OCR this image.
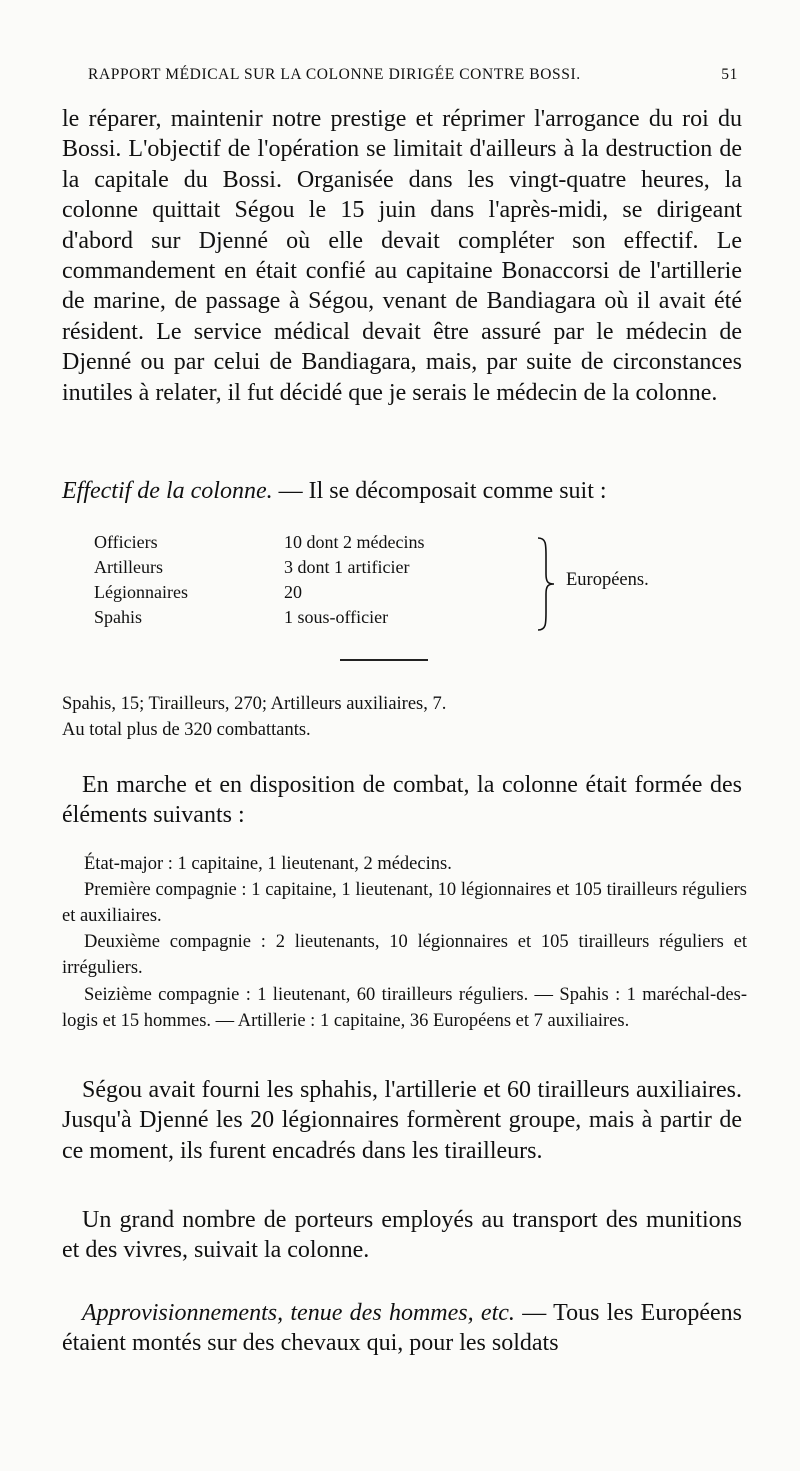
RAPPORT MÉDICAL SUR LA COLONNE DIRIGÉE CONTRE BOSSI.	51

le réparer, maintenir notre prestige et réprimer l'arrogance du roi du Bossi. L'objectif de l'opération se limitait d'ailleurs à la destruction de la capitale du Bossi. Organisée dans les vingt-quatre heures, la colonne quittait Ségou le 15 juin dans l'après-midi, se dirigeant d'abord sur Djenné où elle devait compléter son effectif. Le commandement en était confié au capitaine Bonaccorsi de l'artillerie de marine, de passage à Ségou, venant de Bandiagara où il avait été résident. Le service médical devait être assuré par le médecin de Djenné ou par celui de Bandiagara, mais, par suite de circonstances inutiles à relater, il fut décidé que je serais le médecin de la colonne.

Effectif de la colonne. — Il se décomposait comme suit :

Officiers	10 dont 2 médecins
Artilleurs	3 dont 1 artificier
Légionnaires	20
Spahis	1 sous-officier
Européens.

Spahis, 15; Tirailleurs, 270; Artilleurs auxiliaires, 7.

Au total plus de 320 combattants.

En marche et en disposition de combat, la colonne était formée des éléments suivants :

État-major : 1 capitaine, 1 lieutenant, 2 médecins.

Première compagnie : 1 capitaine, 1 lieutenant, 10 légionnaires et 105 tirailleurs réguliers et auxiliaires.

Deuxième compagnie : 2 lieutenants, 10 légionnaires et 105 tirailleurs réguliers et irréguliers.

Seizième compagnie : 1 lieutenant, 60 tirailleurs réguliers. — Spahis : 1 maréchal-des-logis et 15 hommes. — Artillerie : 1 capitaine, 36 Européens et 7 auxiliaires.

Ségou avait fourni les sphahis, l'artillerie et 60 tirailleurs auxiliaires. Jusqu'à Djenné les 20 légionnaires formèrent groupe, mais à partir de ce moment, ils furent encadrés dans les tirailleurs.

Un grand nombre de porteurs employés au transport des munitions et des vivres, suivait la colonne.

Approvisionnements, tenue des hommes, etc. — Tous les Européens étaient montés sur des chevaux qui, pour les soldats
